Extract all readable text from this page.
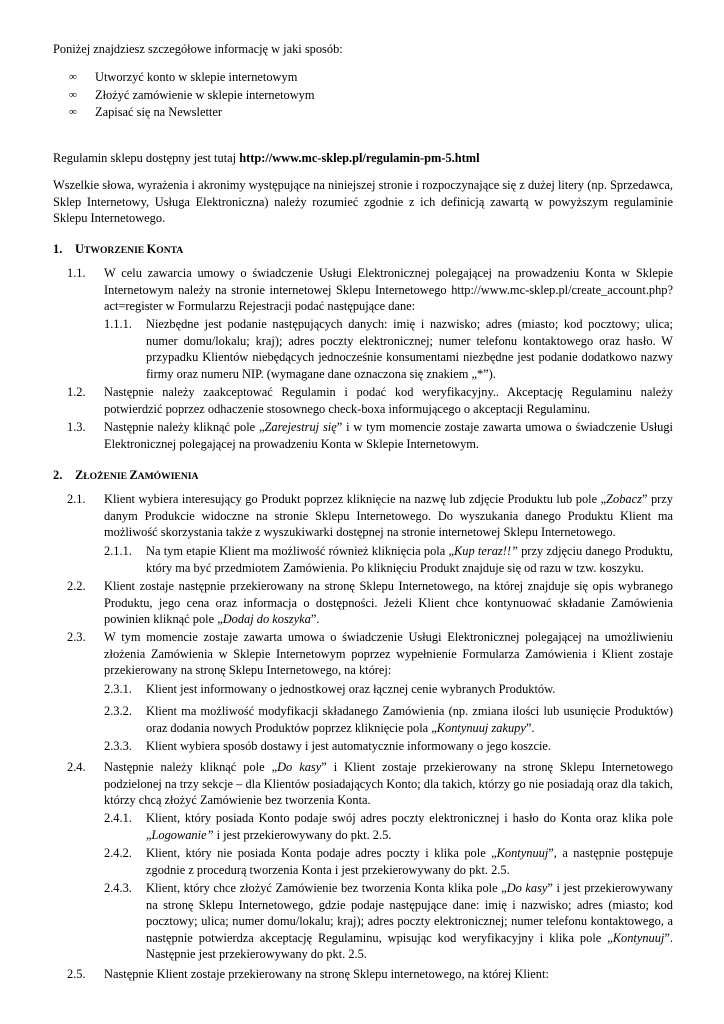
Poniżej znajdziesz szczegółowe informację w jaki sposób:

∞	Utworzyć konto w sklepie internetowym
∞	Złożyć zamówienie w sklepie internetowym
∞	Zapisać się na Newsletter

Regulamin sklepu dostępny jest tutaj http://www.mc-sklep.pl/regulamin-pm-5.html

Wszelkie słowa, wyrażenia i akronimy występujące na niniejszej stronie i rozpoczynające się z dużej litery (np. Sprzedawca, Sklep Internetowy, Usługa Elektroniczna) należy rozumieć zgodnie z ich definicją zawartą w powyższym regulaminie Sklepu Internetowego.

1.	UTWORZENIE KONTA
1.1.	W celu zawarcia umowy o świadczenie Usługi Elektronicznej polegającej na prowadzeniu Konta w Sklepie Internetowym należy na stronie internetowej Sklepu Internetowego http://www.mc-sklep.pl/create_account.php?act=register w Formularzu Rejestracji podać następujące dane:
1.1.1.	Niezbędne jest podanie następujących danych: imię i nazwisko; adres (miasto; kod pocztowy; ulica; numer domu/lokalu; kraj); adres poczty elektronicznej; numer telefonu kontaktowego oraz hasło. W przypadku Klientów niebędących jednocześnie konsumentami niezbędne jest podanie dodatkowo nazwy firmy oraz numeru NIP. (wymagane dane oznaczona się znakiem „*”).
1.2.	Następnie należy zaakceptować Regulamin i podać kod weryfikacyjny.. Akceptację Regulaminu należy potwierdzić poprzez odhaczenie stosownego check-boxa informującego o akceptacji Regulaminu.
1.3.	Następnie należy kliknąć pole „Zarejestruj się” i w tym momencie zostaje zawarta umowa o świadczenie Usługi Elektronicznej polegającej na prowadzeniu Konta w Sklepie Internetowym.
2.	ZŁOŻENIE ZAMÓWIENIA
2.1.	Klient wybiera interesujący go Produkt poprzez kliknięcie na nazwę lub zdjęcie Produktu lub pole „Zobacz” przy danym Produkcie widoczne na stronie Sklepu Internetowego. Do wyszukania danego Produktu Klient ma możliwość skorzystania także z wyszukiwarki dostępnej na stronie internetowej Sklepu Internetowego.
2.1.1.	Na tym etapie Klient ma możliwość również kliknięcia pola „Kup teraz!!” przy zdjęciu danego Produktu, który ma być przedmiotem Zamówienia. Po kliknięciu Produkt znajduje się od razu w tzw. koszyku.
2.2.	Klient zostaje następnie przekierowany na stronę Sklepu Internetowego, na której znajduje się opis wybranego Produktu, jego cena oraz informacja o dostępności. Jeżeli Klient chce kontynuować składanie Zamówienia powinien kliknąć pole „Dodaj do koszyka”.
2.3.	W tym momencie zostaje zawarta umowa o świadczenie Usługi Elektronicznej polegającej na umożliwieniu złożenia Zamówienia w Sklepie Internetowym poprzez wypełnienie Formularza Zamówienia i Klient zostaje przekierowany na stronę Sklepu Internetowego, na której:
2.3.1.	Klient jest informowany o jednostkowej oraz łącznej cenie wybranych Produktów.
2.3.2.	Klient ma możliwość modyfikacji składanego Zamówienia (np. zmiana ilości lub usunięcie Produktów) oraz dodania nowych Produktów poprzez kliknięcie pola „Kontynuuj zakupy”.
2.3.3.	Klient wybiera sposób dostawy i jest automatycznie informowany o jego koszcie.
2.4.	Następnie należy kliknąć pole „Do kasy” i Klient zostaje przekierowany na stronę Sklepu Internetowego podzielonej na trzy sekcje – dla Klientów posiadających Konto; dla takich, którzy go nie posiadają oraz dla takich, którzy chcą złożyć Zamówienie bez tworzenia Konta.
2.4.1.	Klient, który posiada Konto podaje swój adres poczty elektronicznej i hasło do Konta oraz klika pole „Logowanie” i jest przekierowywany do pkt. 2.5.
2.4.2.	Klient, który nie posiada Konta podaje adres poczty i klika pole „Kontynuuj”, a następnie postępuje zgodnie z procedurą tworzenia Konta i jest przekierowywany do pkt. 2.5.
2.4.3.	Klient, który chce złożyć Zamówienie bez tworzenia Konta klika pole „Do kasy” i jest przekierowywany na stronę Sklepu Internetowego, gdzie podaje następujące dane: imię i nazwisko; adres (miasto; kod pocztowy; ulica; numer domu/lokalu; kraj); adres poczty elektronicznej; numer telefonu kontaktowego, a następnie potwierdza akceptację Regulaminu, wpisując kod weryfikacyjny i klika pole „Kontynuuj”. Następnie jest przekierowywany do pkt. 2.5.
2.5.	Następnie Klient zostaje przekierowany na stronę Sklepu internetowego, na której Klient:
